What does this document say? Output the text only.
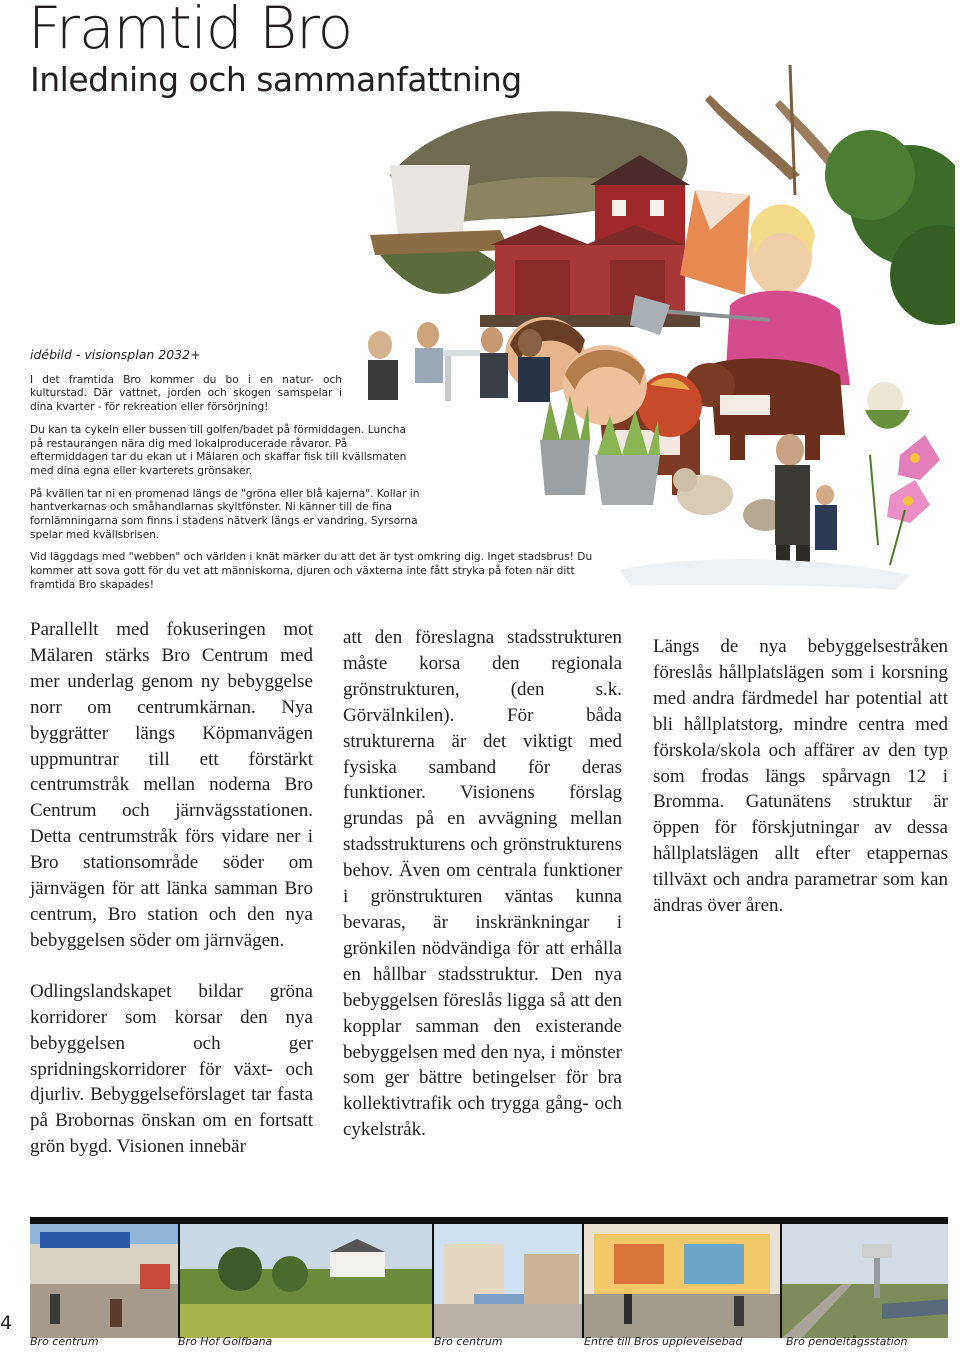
Framtid Bro
Inledning och sammanfattning
idébild - visionsplan 2032+

I det framtida Bro kommer du bo i en natur- och kulturstad. Där vattnet, jorden och skogen samspelar i dina kvarter - för rekreation eller försörjning!

Du kan ta cykeln eller bussen till golfen/badet på förmiddagen. Luncha på restaurangen nära dig med lokalproducerade råvaror. På eftermiddagen tar du ekan ut i Mälaren och skaffar fisk till kvällsmaten med dina egna eller kvarterets grönsaker.

På kvällen tar ni en promenad längs de "gröna eller blå kajerna". Kollar in hantverkarnas och småhandlarnas skyltfönster. Ni känner till de fina fornlämningarna som finns i stadens nätverk längs er vandring. Syrsorna spelar med kvällsbrisen.

Vid läggdags med "webben" och världen i knät märker du att det är tyst omkring dig. Inget stadsbrus! Du kommer att sova gott för du vet att människorna, djuren och växterna inte fått stryka på foten när ditt framtida Bro skapades!

Parallellt med fokuseringen mot Mälaren stärks Bro Centrum med mer underlag genom ny bebyggelse norr om centrumkärnan. Nya byggrätter längs Köpmanvägen uppmuntrar till ett förstärkt centrumstråk mellan noderna Bro Centrum och järnvägsstationen. Detta centrumstråk förs vidare ner i Bro stationsområde söder om järnvägen för att länka samman Bro centrum, Bro station och den nya bebyggelsen söder om järnvägen.

Odlingslandskapet bildar gröna korridorer som korsar den nya bebyggelsen och ger spridningskorridorer för växt- och djurliv. Bebyggelseförslaget tar fasta på Brobornas önskan om en fortsatt grön bygd. Visionen innebär

att den föreslagna stadsstrukturen måste korsa den regionala grönstrukturen, (den s.k. Görvälnkilen). För båda strukturerna är det viktigt med fysiska samband för deras funktioner. Visionens förslag grundas på en avvägning mellan stadsstrukturens och grönstrukturens behov. Även om centrala funktioner i grönstrukturen väntas kunna bevaras, är inskränkningar i grönkilen nödvändiga för att erhålla en hållbar stadsstruktur. Den nya bebyggelsen föreslås ligga så att den kopplar samman den existerande bebyggelsen med den nya, i mönster som ger bättre betingelser för bra kollektivtrafik och trygga gång- och cykelstråk.

Längs de nya bebyggelsestråken föreslås hållplatslägen som i korsning med andra färdmedel har potential att bli hållplatstorg, mindre centra med förskola/skola och affärer av den typ som frodas längs spårvagn 12 i Bromma. Gatunätens struktur är öppen för förskjutningar av dessa hållplatslägen allt efter etappernas tillväxt och andra parametrar som kan ändras över åren.

Bro centrum	Bro Hof Golfbana	Bro centrum	Entré till Bros upplevelsebad	Bro pendeltågsstation
4
